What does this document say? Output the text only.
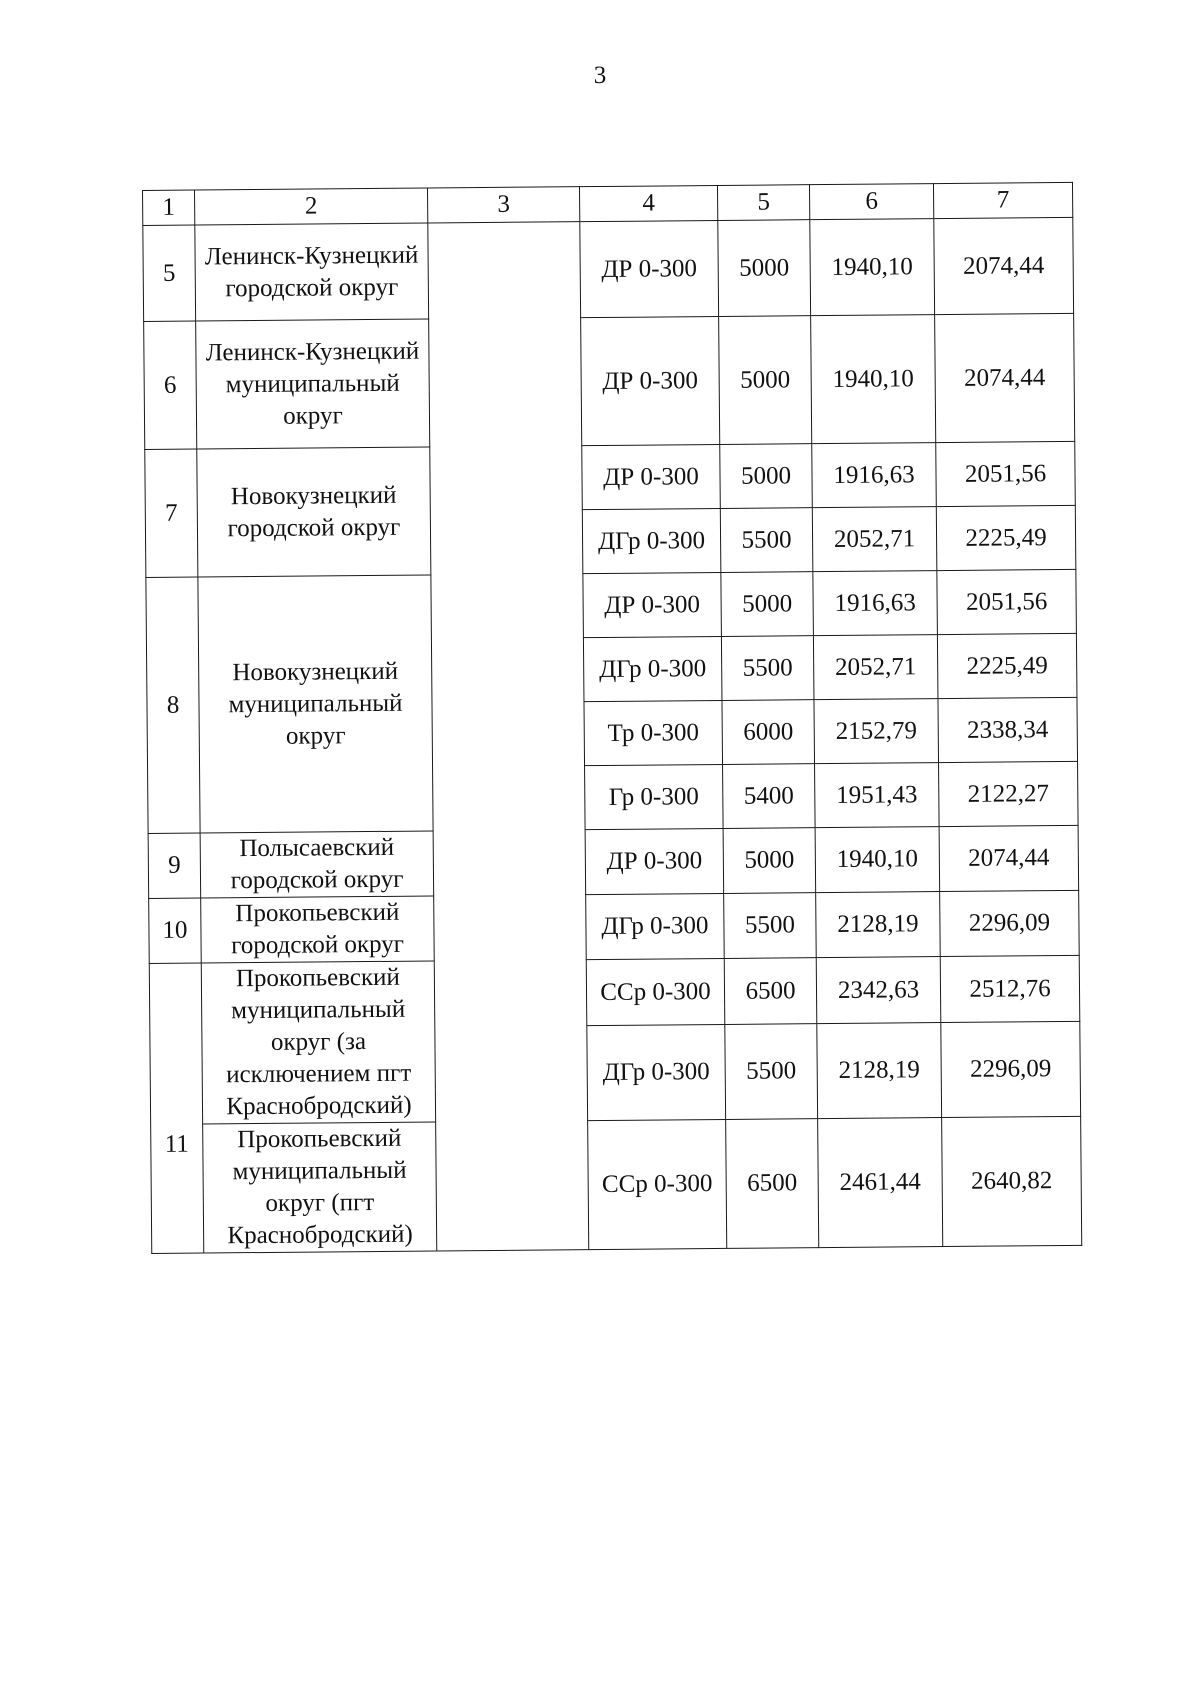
3
1	2	3	4	5	6	7
5	Ленинск-Кузнецкий городской округ		ДР 0-300	5000	1940,10	2074,44
6	Ленинск-Кузнецкий муниципальный округ		ДР 0-300	5000	1940,10	2074,44
7	Новокузнецкий городской округ		ДР 0-300	5000	1916,63	2051,56
			ДГр 0-300	5500	2052,71	2225,49
8	Новокузнецкий муниципальный округ		ДР 0-300	5000	1916,63	2051,56
			ДГр 0-300	5500	2052,71	2225,49
			Тр 0-300	6000	2152,79	2338,34
			Гр 0-300	5400	1951,43	2122,27
9	Полысаевский городской округ		ДР 0-300	5000	1940,10	2074,44
10	Прокопьевский городской округ		ДГр 0-300	5500	2128,19	2296,09
11	Прокопьевский муниципальный округ (за исключением пгт Краснобродский)		ССр 0-300	6500	2342,63	2512,76
			ДГр 0-300	5500	2128,19	2296,09
	Прокопьевский муниципальный округ (пгт Краснобродский)		ССр 0-300	6500	2461,44	2640,82
